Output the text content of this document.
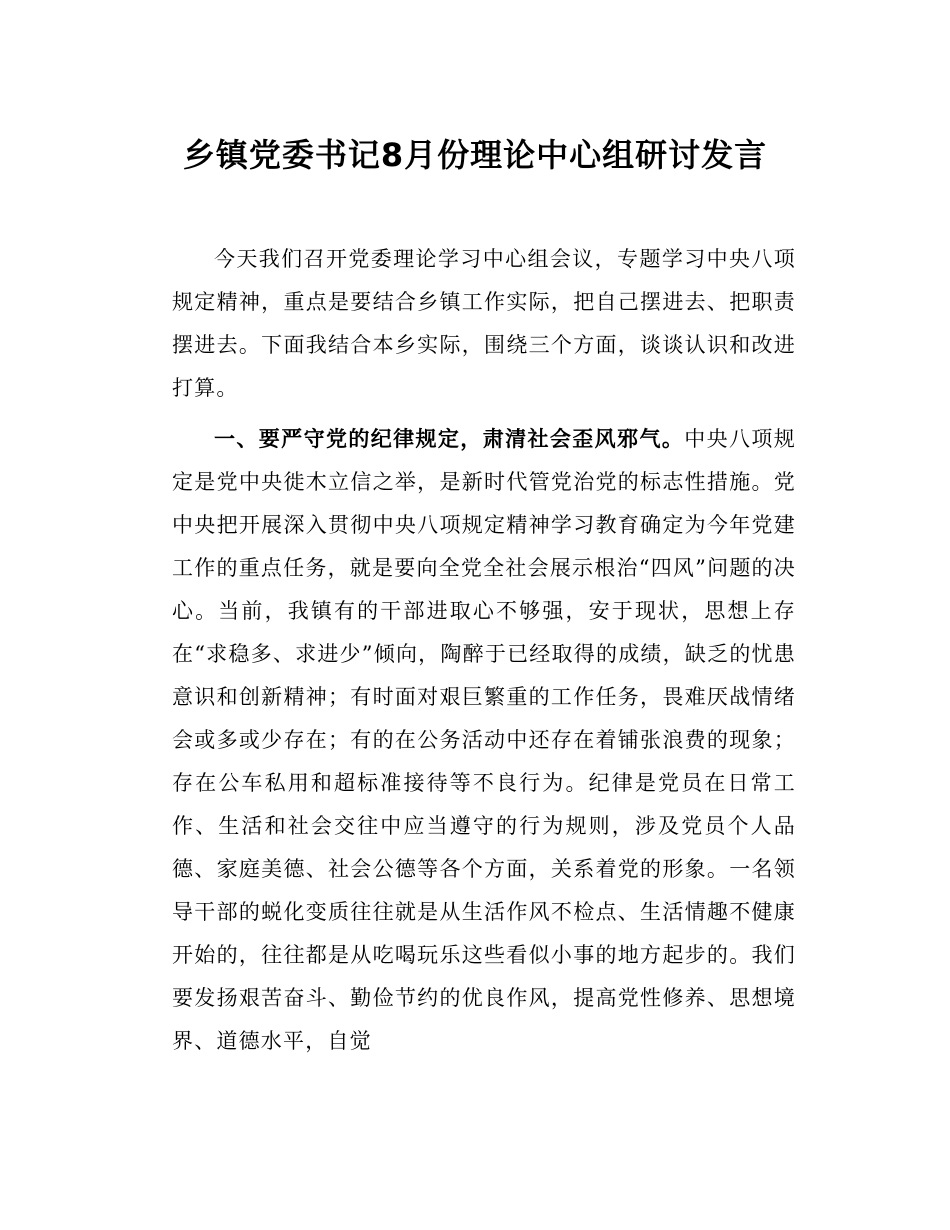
乡镇党委书记8月份理论中心组研讨发言

今天我们召开党委理论学习中心组会议，专题学习中央八项规定精神，重点是要结合乡镇工作实际，把自己摆进去、把职责摆进去。下面我结合本乡实际，围绕三个方面，谈谈认识和改进打算。

一、要严守党的纪律规定，肃清社会歪风邪气。中央八项规定是党中央徙木立信之举，是新时代管党治党的标志性措施。党中央把开展深入贯彻中央八项规定精神学习教育确定为今年党建工作的重点任务，就是要向全党全社会展示根治“四风”问题的决心。当前，我镇有的干部进取心不够强，安于现状，思想上存在“求稳多、求进少”倾向，陶醉于已经取得的成绩，缺乏的忧患意识和创新精神；有时面对艰巨繁重的工作任务，畏难厌战情绪会或多或少存在；有的在公务活动中还存在着铺张浪费的现象；存在公车私用和超标准接待等不良行为。纪律是党员在日常工作、生活和社会交往中应当遵守的行为规则，涉及党员个人品德、家庭美德、社会公德等各个方面，关系着党的形象。一名领导干部的蜕化变质往往就是从生活作风不检点、生活情趣不健康开始的，往往都是从吃喝玩乐这些看似小事的地方起步的。我们要发扬艰苦奋斗、勤俭节约的优良作风，提高党性修养、思想境界、道德水平，自觉
